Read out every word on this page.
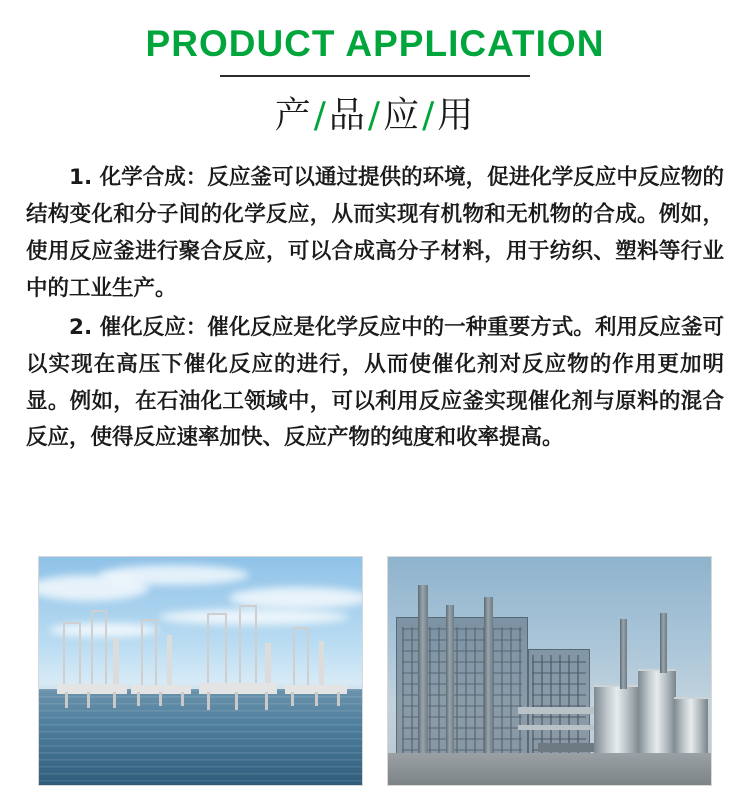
PRODUCT APPLICATION
产/品/应/用

1. 化学合成：反应釜可以通过提供的环境，促进化学反应中反应物的结构变化和分子间的化学反应，从而实现有机物和无机物的合成。例如，使用反应釜进行聚合反应，可以合成高分子材料，用于纺织、塑料等行业中的工业生产。

2. 催化反应：催化反应是化学反应中的一种重要方式。利用反应釜可以实现在高压下催化反应的进行，从而使催化剂对反应物的作用更加明显。例如，在石油化工领域中，可以利用反应釜实现催化剂与原料的混合反应，使得反应速率加快、反应产物的纯度和收率提高。
